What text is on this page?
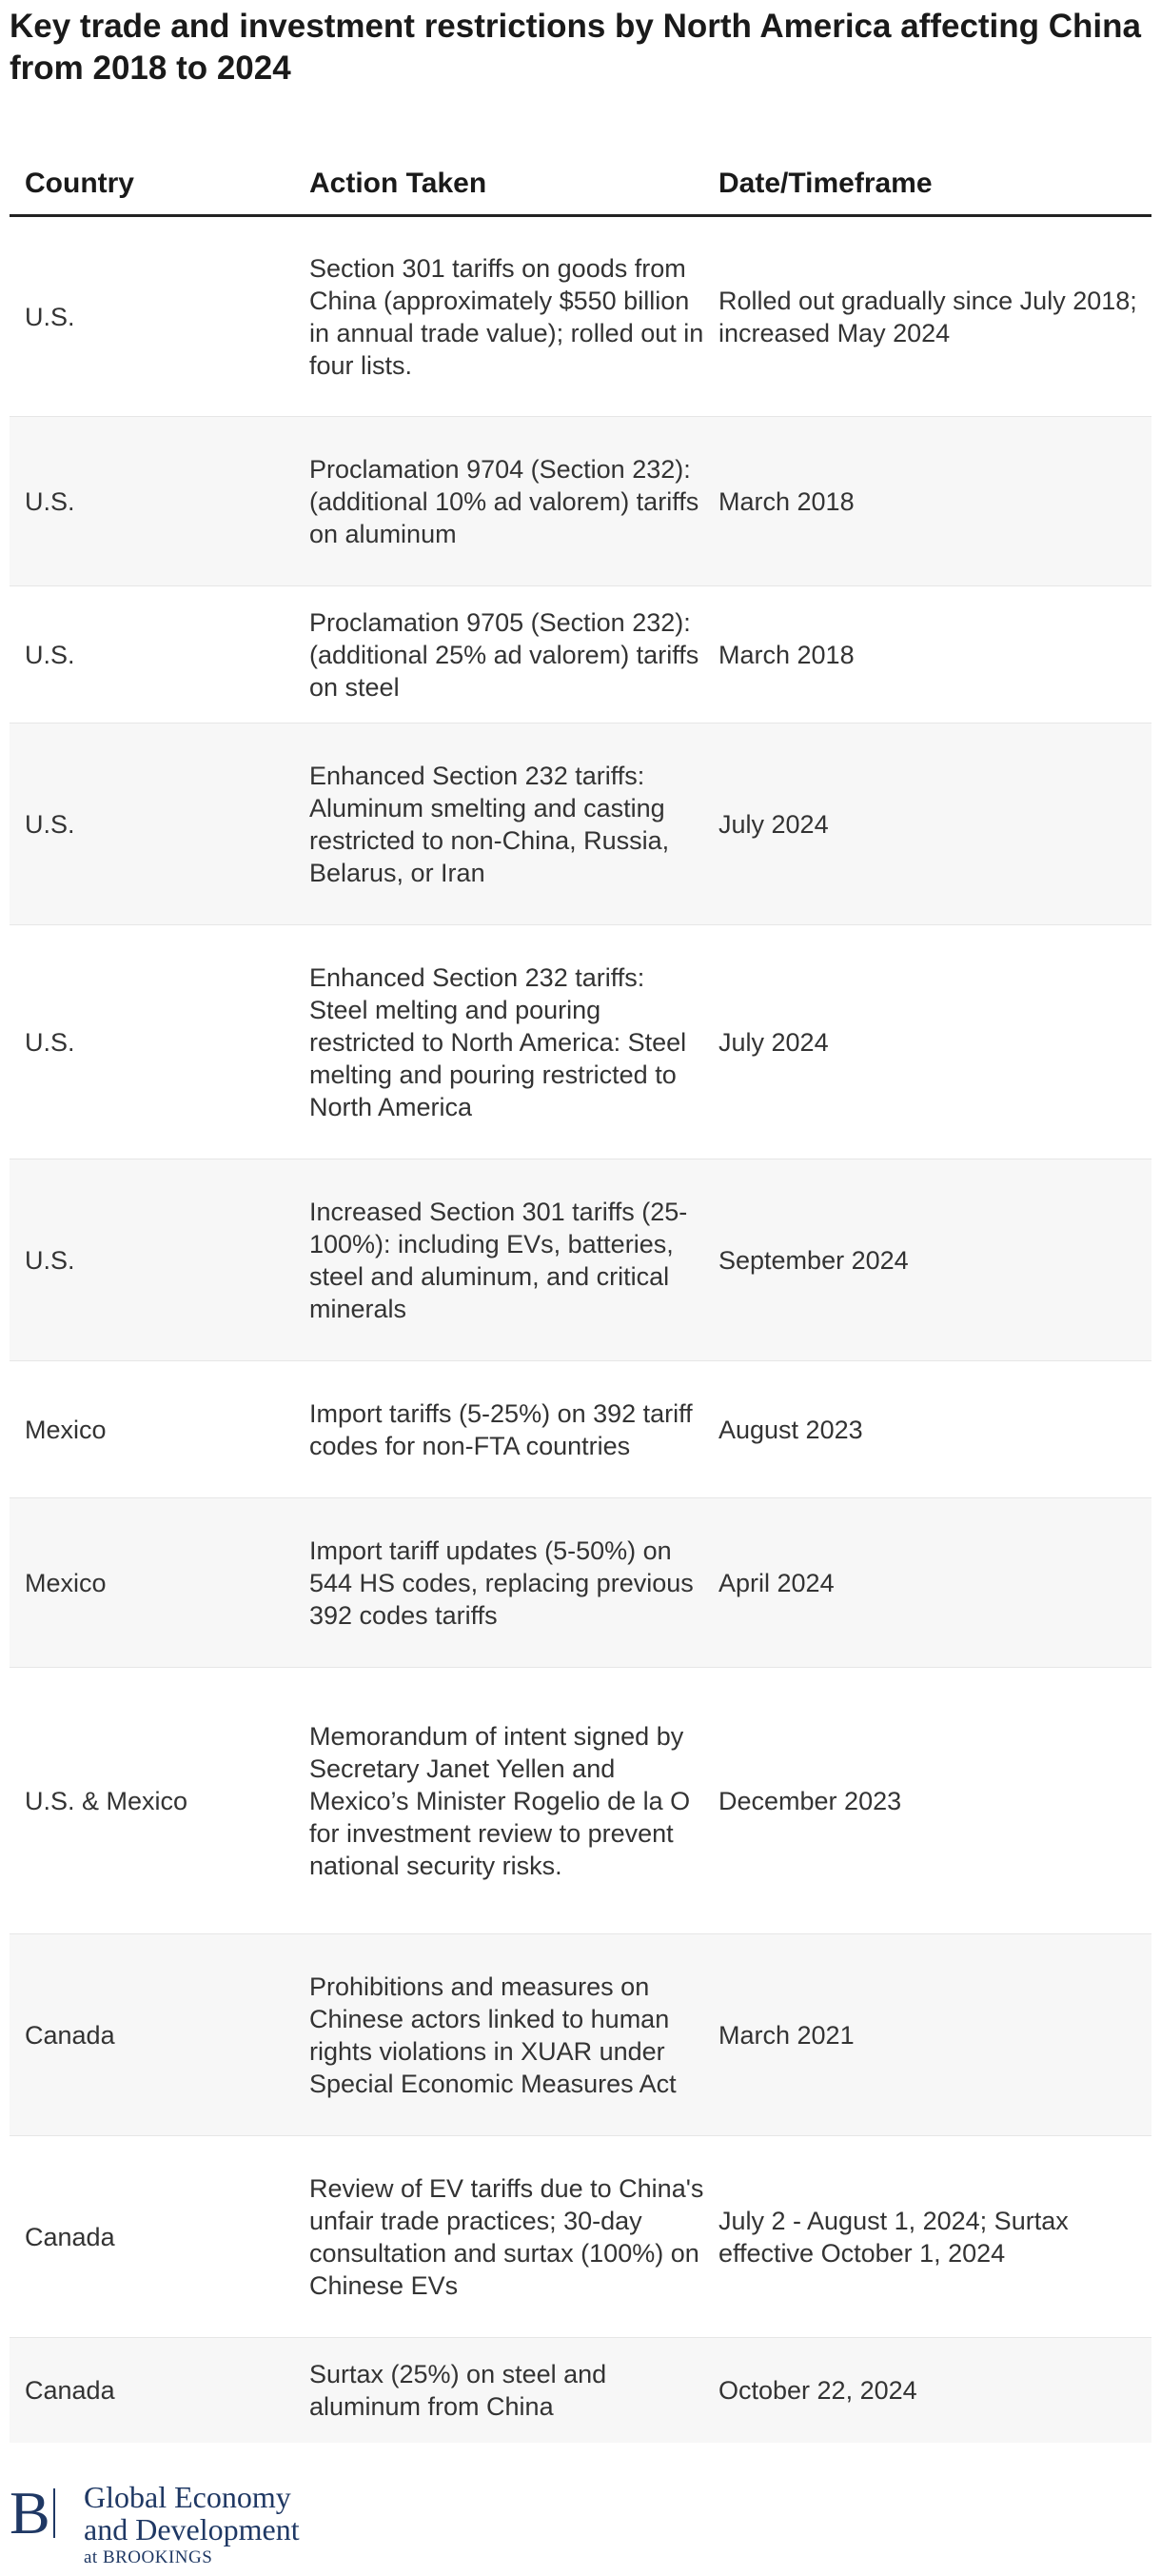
Key trade and investment restrictions by North America affecting China from 2018 to 2024
Country	Action Taken	Date/Timeframe
U.S.
Section 301 tariffs on goods from China (approximately $550 billion in annual trade value); rolled out in four lists.
Rolled out gradually since July 2018; increased May 2024
U.S.
Proclamation 9704 (Section 232): (additional 10% ad valorem) tariffs on aluminum
March 2018
U.S.
Proclamation 9705 (Section 232): (additional 25% ad valorem) tariffs on steel
March 2018
U.S.
Enhanced Section 232 tariffs: Aluminum smelting and casting restricted to non-China, Russia, Belarus, or Iran
July 2024
U.S.
Enhanced Section 232 tariffs: Steel melting and pouring restricted to North America: Steel melting and pouring restricted to North America
July 2024
U.S.
Increased Section 301 tariffs (25-100%): including EVs, batteries, steel and aluminum, and critical minerals
September 2024
Mexico
Import tariffs (5-25%) on 392 tariff codes for non-FTA countries
August 2023
Mexico
Import tariff updates (5-50%) on 544 HS codes, replacing previous 392 codes tariffs
April 2024
U.S. & Mexico
Memorandum of intent signed by Secretary Janet Yellen and Mexico’s Minister Rogelio de la O for investment review to prevent national security risks.
December 2023
Canada
Prohibitions and measures on Chinese actors linked to human rights violations in XUAR under Special Economic Measures Act
March 2021
Canada
Review of EV tariffs due to China's unfair trade practices; 30-day consultation and surtax (100%) on Chinese EVs
July 2 - August 1, 2024; Surtax effective October 1, 2024
Canada
Surtax (25%) on steel and aluminum from China
October 22, 2024
B Global Economy
and Development
at BROOKINGS
